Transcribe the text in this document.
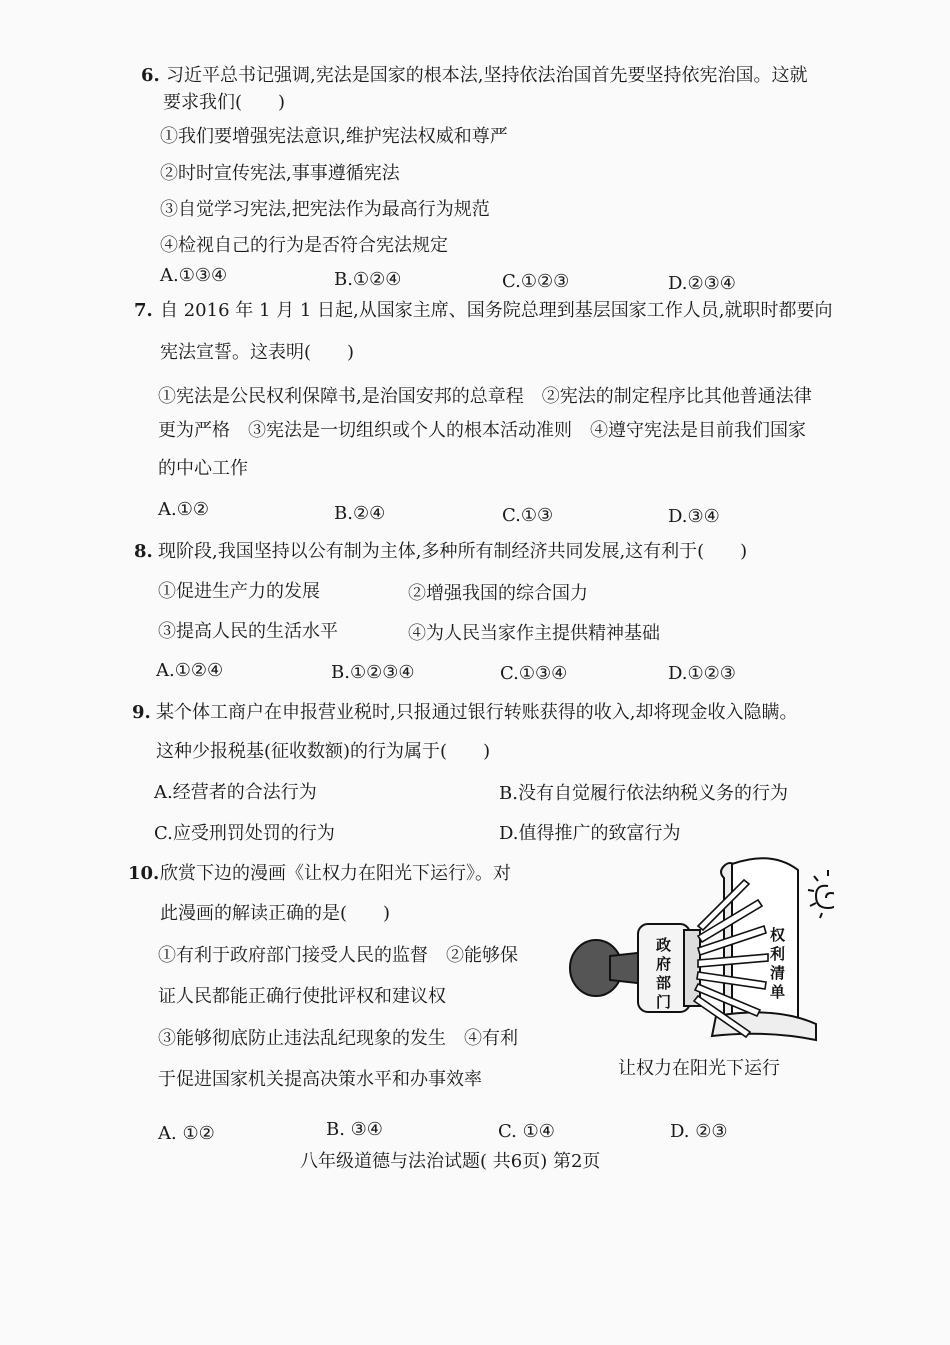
6. 习近平总书记强调,宪法是国家的根本法,坚持依法治国首先要坚持依宪治国。这就
要求我们(　　)
①我们要增强宪法意识,维护宪法权威和尊严
②时时宣传宪法,事事遵循宪法
③自觉学习宪法,把宪法作为最高行为规范
④检视自己的行为是否符合宪法规定
A.①③④	B.①②④	C.①②③	D.②③④
7. 自 2016 年 1 月 1 日起,从国家主席、国务院总理到基层国家工作人员,就职时都要向
宪法宣誓。这表明(　　)
①宪法是公民权利保障书,是治国安邦的总章程　②宪法的制定程序比其他普通法律
更为严格　③宪法是一切组织或个人的根本活动准则　④遵守宪法是目前我们国家
的中心工作
A.①②	B.②④	C.①③	D.③④
8. 现阶段,我国坚持以公有制为主体,多种所有制经济共同发展,这有利于(　　)
①促进生产力的发展	②增强我国的综合国力
③提高人民的生活水平	④为人民当家作主提供精神基础
A.①②④	B.①②③④	C.①③④	D.①②③
9. 某个体工商户在申报营业税时,只报通过银行转账获得的收入,却将现金收入隐瞒。
这种少报税基(征收数额)的行为属于(　　)
A.经营者的合法行为	B.没有自觉履行依法纳税义务的行为
C.应受刑罚处罚的行为	D.值得推广的致富行为
10. 欣赏下边的漫画《让权力在阳光下运行》。对
此漫画的解读正确的是(　　)
①有利于政府部门接受人民的监督　②能够保
证人民都能正确行使批评权和建议权
③能够彻底防止违法乱纪现象的发生　④有利
于促进国家机关提高决策水平和办事效率
A. ①②	B. ③④	C. ①④	D. ②③
政
府
部
门
权
利
清
单
让权力在阳光下运行
八年级道德与法治试题( 共6页) 第2页
